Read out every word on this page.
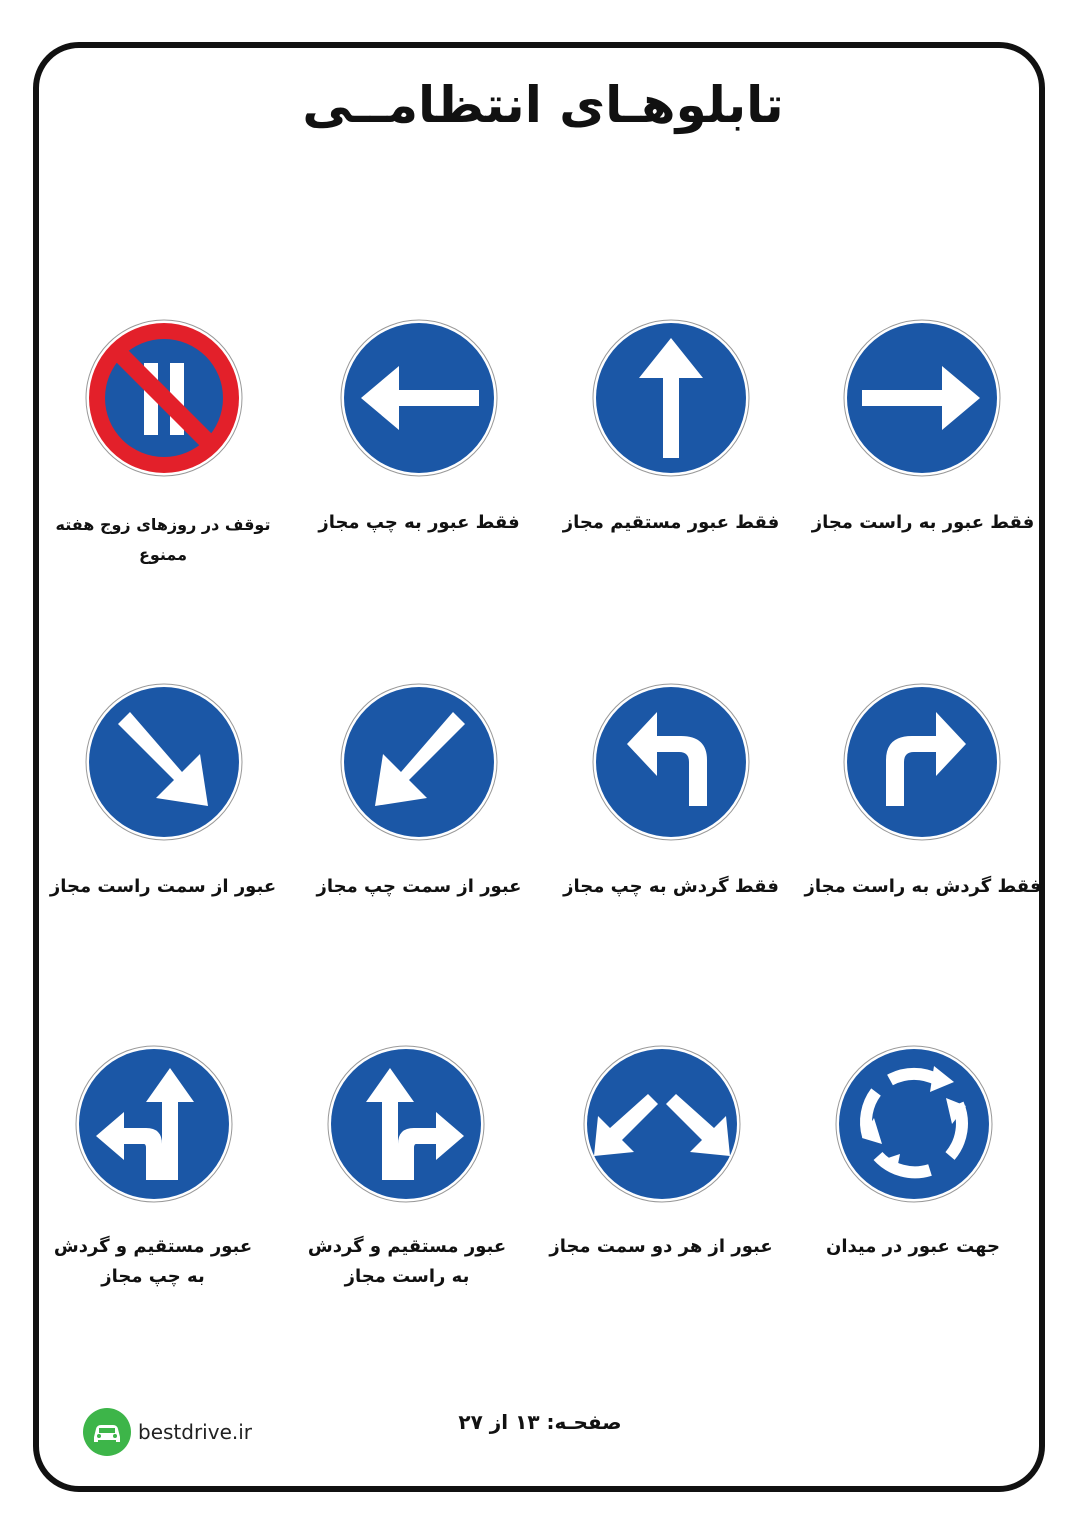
تابلوهـای انتظامــی
فقط عبور به راست مجاز
فقط عبور مستقیم مجاز
فقط عبور به چپ مجاز
توقف در روزهای زوج هفته ممنوع
فقط گردش به راست مجاز
فقط گردش به چپ مجاز
عبور از سمت چپ مجاز
عبور از سمت راست مجاز
جهت عبور در میدان
عبور از هر دو سمت مجاز
عبور مستقیم و گردش
به راست مجاز
عبور مستقیم و گردش
به چپ مجاز
bestdrive.ir	صفحـه: ۱۳ از ۲۷
